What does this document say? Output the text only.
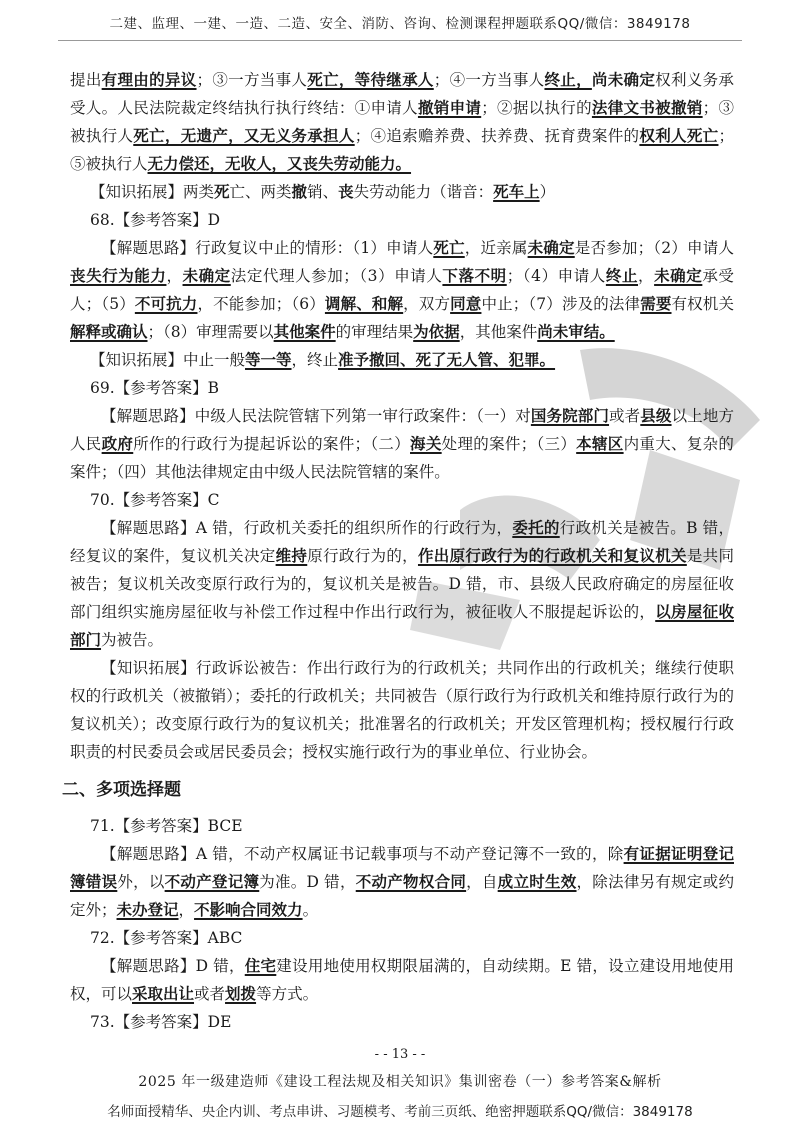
二建、监理、一建、一造、二造、安全、消防、咨询、检测课程押题联系QQ/微信：3849178

提出有理由的异议；③一方当事人死亡，等待继承人；④一方当事人终止，尚未确定权利义务承受人。人民法院裁定终结执行执行终结：①申请人撤销申请；②据以执行的法律文书被撤销；③被执行人死亡，无遗产，又无义务承担人；④追索赡养费、扶养费、抚育费案件的权利人死亡；⑤被执行人无力偿还，无收人，又丧失劳动能力。

【知识拓展】两类死亡、两类撤销、丧失劳动能力（谐音：死车上）

68.【参考答案】D

【解题思路】行政复议中止的情形：（1）申请人死亡，近亲属未确定是否参加；（2）申请人丧失行为能力，未确定法定代理人参加；（3）申请人下落不明；（4）申请人终止，未确定承受人；（5）不可抗力，不能参加；（6）调解、和解，双方同意中止；（7）涉及的法律需要有权机关解释或确认；（8）审理需要以其他案件的审理结果为依据，其他案件尚未审结。

【知识拓展】中止一般等一等，终止准予撤回、死了无人管、犯罪。

69.【参考答案】B

【解题思路】中级人民法院管辖下列第一审行政案件：（一）对国务院部门或者县级以上地方人民政府所作的行政行为提起诉讼的案件；（二）海关处理的案件；（三）本辖区内重大、复杂的案件；（四）其他法律规定由中级人民法院管辖的案件。

70.【参考答案】C

【解题思路】A 错，行政机关委托的组织所作的行政行为，委托的行政机关是被告。B 错，经复议的案件，复议机关决定维持原行政行为的，作出原行政行为的行政机关和复议机关是共同被告；复议机关改变原行政行为的，复议机关是被告。D 错，市、县级人民政府确定的房屋征收部门组织实施房屋征收与补偿工作过程中作出行政行为，被征收人不服提起诉讼的，以房屋征收部门为被告。

【知识拓展】行政诉讼被告：作出行政行为的行政机关；共同作出的行政机关；继续行使职权的行政机关（被撤销）；委托的行政机关；共同被告（原行政行为行政机关和维持原行政行为的复议机关）；改变原行政行为的复议机关；批准署名的行政机关；开发区管理机构；授权履行行政职责的村民委员会或居民委员会；授权实施行政行为的事业单位、行业协会。

二、多项选择题

71.【参考答案】BCE

【解题思路】A 错，不动产权属证书记载事项与不动产登记簿不一致的，除有证据证明登记簿错误外，以不动产登记簿为准。D 错，不动产物权合同，自成立时生效，除法律另有规定或约定外；未办登记，不影响合同效力。

72.【参考答案】ABC

【解题思路】D 错，住宅建设用地使用权期限届满的，自动续期。E 错，设立建设用地使用权，可以采取出让或者划拨等方式。

73.【参考答案】DE

- - 13 - -
2025 年一级建造师《建设工程法规及相关知识》集训密卷（一）参考答案&解析
名师面授精华、央企内训、考点串讲、习题模考、考前三页纸、绝密押题联系QQ/微信：3849178
